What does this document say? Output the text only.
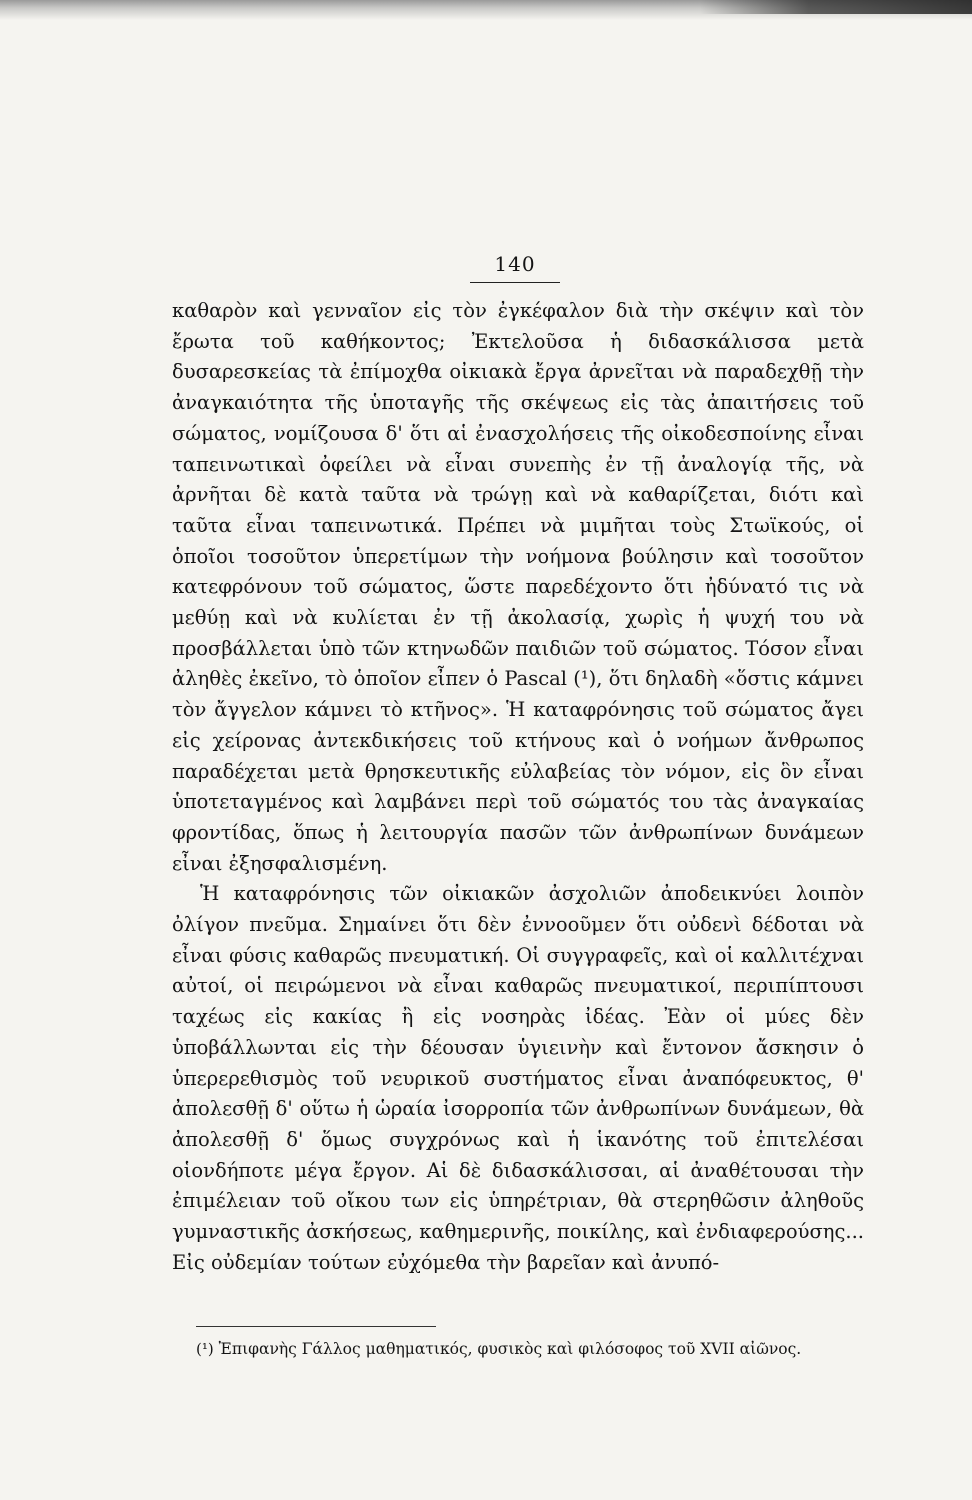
140

καθαρὸν καὶ γενναῖον εἰς τὸν ἐγκέφαλον διὰ τὴν σκέψιν καὶ τὸν ἔρωτα τοῦ καθήκοντος; Ἐκτελοῦσα ἡ διδασκάλισσα μετὰ δυσαρεσκείας τὰ ἐπίμοχθα οἰκιακὰ ἔργα ἀρνεῖται νὰ παραδεχθῇ τὴν ἀναγκαιότητα τῆς ὑποταγῆς τῆς σκέψεως εἰς τὰς ἀπαιτήσεις τοῦ σώματος, νομίζουσα δ' ὅτι αἱ ἐνασχολήσεις τῆς οἰκοδεσποίνης εἶναι ταπεινωτικαὶ ὀφείλει νὰ εἶναι συνεπὴς ἐν τῇ ἀναλογίᾳ τῆς, νὰ ἀρνῆται δὲ κατὰ ταῦτα νὰ τρώγῃ καὶ νὰ καθαρίζεται, διότι καὶ ταῦτα εἶναι ταπεινωτικά. Πρέπει νὰ μιμῆται τοὺς Στωϊκούς, οἱ ὁποῖοι τοσοῦτον ὑπερετίμων τὴν νοήμονα βούλησιν καὶ τοσοῦτον κατεφρόνουν τοῦ σώματος, ὥστε παρεδέχοντο ὅτι ἠδύνατό τις νὰ μεθύῃ καὶ νὰ κυλίεται ἐν τῇ ἀκολασίᾳ, χωρὶς ἡ ψυχή του νὰ προσβάλλεται ὑπὸ τῶν κτηνωδῶν παιδιῶν τοῦ σώματος. Τόσον εἶναι ἀληθὲς ἐκεῖνο, τὸ ὁποῖον εἶπεν ὁ Pascal (¹), ὅτι δηλαδὴ «ὅστις κάμνει τὸν ἄγγελον κάμνει τὸ κτῆνος». Ἡ καταφρόνησις τοῦ σώματος ἄγει εἰς χείρονας ἀντεκδικήσεις τοῦ κτήνους καὶ ὁ νοήμων ἄνθρωπος παραδέχεται μετὰ θρησκευτικῆς εὐλαβείας τὸν νόμον, εἰς ὃν εἶναι ὑποτεταγμένος καὶ λαμβάνει περὶ τοῦ σώματός του τὰς ἀναγκαίας φροντίδας, ὅπως ἡ λειτουργία πασῶν τῶν ἀνθρωπίνων δυνάμεων εἶναι ἐξησφαλισμένη.

Ἡ καταφρόνησις τῶν οἰκιακῶν ἀσχολιῶν ἀποδεικνύει λοιπὸν ὀλίγον πνεῦμα. Σημαίνει ὅτι δὲν ἐννοοῦμεν ὅτι οὐδενὶ δέδοται νὰ εἶναι φύσις καθαρῶς πνευματική. Οἱ συγγραφεῖς, καὶ οἱ καλλιτέχναι αὐτοί, οἱ πειρώμενοι νὰ εἶναι καθαρῶς πνευματικοί, περιπίπτουσι ταχέως εἰς κακίας ἢ εἰς νοσηρὰς ἰδέας. Ἐὰν οἱ μύες δὲν ὑποβάλλωνται εἰς τὴν δέουσαν ὑγιεινὴν καὶ ἔντονον ἄσκησιν ὁ ὑπερερεθισμὸς τοῦ νευρικοῦ συστήματος εἶναι ἀναπόφευκτος, θ' ἀπολεσθῇ δ' οὕτω ἡ ὡραία ἰσορροπία τῶν ἀνθρωπίνων δυνάμεων, θὰ ἀπολεσθῇ δ' ὅμως συγχρόνως καὶ ἡ ἱκανότης τοῦ ἐπιτελέσαι οἱονδήποτε μέγα ἔργον. Αἱ δὲ διδασκάλισσαι, αἱ ἀναθέτουσαι τὴν ἐπιμέλειαν τοῦ οἴκου των εἰς ὑπηρέτριαν, θὰ στερηθῶσιν ἀληθοῦς γυμναστικῆς ἀσκήσεως, καθημερινῆς, ποικίλης, καὶ ἐνδιαφερούσης... Εἰς οὐδεμίαν τούτων εὐχόμεθα τὴν βαρεῖαν καὶ ἀνυπό-

(¹) Ἐπιφανὴς Γάλλος μαθηματικός, φυσικὸς καὶ φιλόσοφος τοῦ XVII αἰῶνος.
